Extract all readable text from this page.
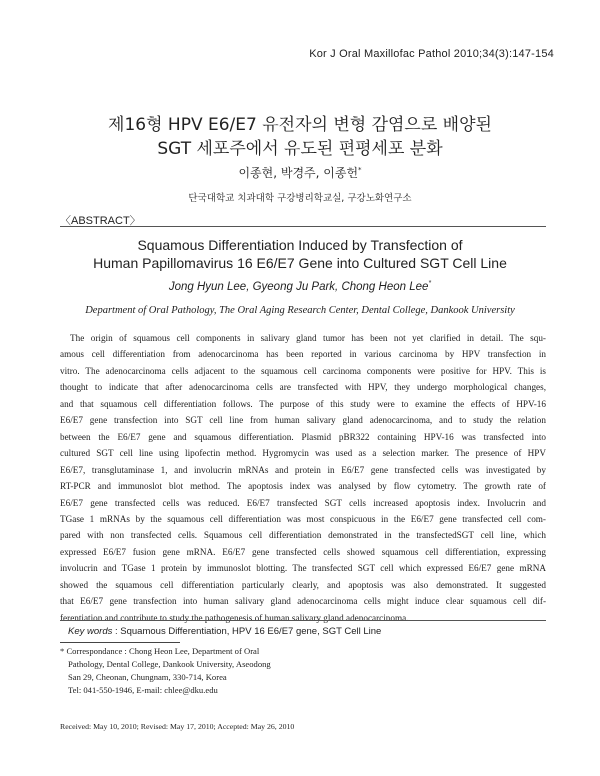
Kor J Oral Maxillofac Pathol 2010;34(3):147-154
제16형 HPV E6/E7 유전자의 변형 감염으로 배양된
SGT 세포주에서 유도된 편평세포 분화
이종현, 박경주, 이종헌*
단국대학교 치과대학 구강병리학교실, 구강노화연구소
〈ABSTRACT〉
Squamous Differentiation Induced by Transfection of
Human Papillomavirus 16 E6/E7 Gene into Cultured SGT Cell Line
Jong Hyun Lee, Gyeong Ju Park, Chong Heon Lee*
Department of Oral Pathology, The Oral Aging Research Center, Dental College, Dankook University
The origin of squamous cell components in salivary gland tumor has been not yet clarified in detail. The squ-
amous cell differentiation from adenocarcinoma has been reported in various carcinoma by HPV transfection in
vitro. The adenocarcinoma cells adjacent to the squamous cell carcinoma components were positive for HPV. This is
thought to indicate that after adenocarcinoma cells are transfected with HPV, they undergo morphological changes,
and that squamous cell differentiation follows. The purpose of this study were to examine the effects of HPV-16
E6/E7 gene transfection into SGT cell line from human salivary gland adenocarcinoma, and to study the relation
between the E6/E7 gene and squamous differentiation. Plasmid pBR322 containing HPV-16 was transfected into
cultured SGT cell line using lipofectin method. Hygromycin was used as a selection marker. The presence of HPV
E6/E7, transglutaminase 1, and involucrin mRNAs and protein in E6/E7 gene transfected cells was investigated by
RT-PCR and immunoslot blot method. The apoptosis index was analysed by flow cytometry. The growth rate of
E6/E7 gene transfected cells was reduced. E6/E7 transfected SGT cells increased apoptosis index. Involucrin and
TGase 1 mRNAs by the squamous cell differentiation was most conspicuous in the E6/E7 gene transfected cell com-
pared with non transfected cells. Squamous cell differentiation demonstrated in the transfectedSGT cell line, which
expressed E6/E7 fusion gene mRNA. E6/E7 gene transfected cells showed squamous cell differentiation, expressing
involucrin and TGase 1 protein by immunoslot blotting. The transfected SGT cell which expressed E6/E7 gene mRNA
showed the squamous cell differentiation particularly clearly, and apoptosis was also demonstrated. It suggested
that E6/E7 gene transfection into human salivary gland adenocarcinoma cells might induce clear squamous cell dif-
ferentiation and contribute to study the pathogenesis of human salivary gland adenocarcinoma.
Key words : Squamous Differentiation, HPV 16 E6/E7 gene, SGT Cell Line
* Correspondance : Chong Heon Lee, Department of Oral
Pathology, Dental College, Dankook University, Aseodong
San 29, Cheonan, Chungnam, 330-714, Korea
Tel: 041-550-1946, E-mail: chlee@dku.edu
Received: May 10, 2010; Revised: May 17, 2010; Accepted: May 26, 2010
